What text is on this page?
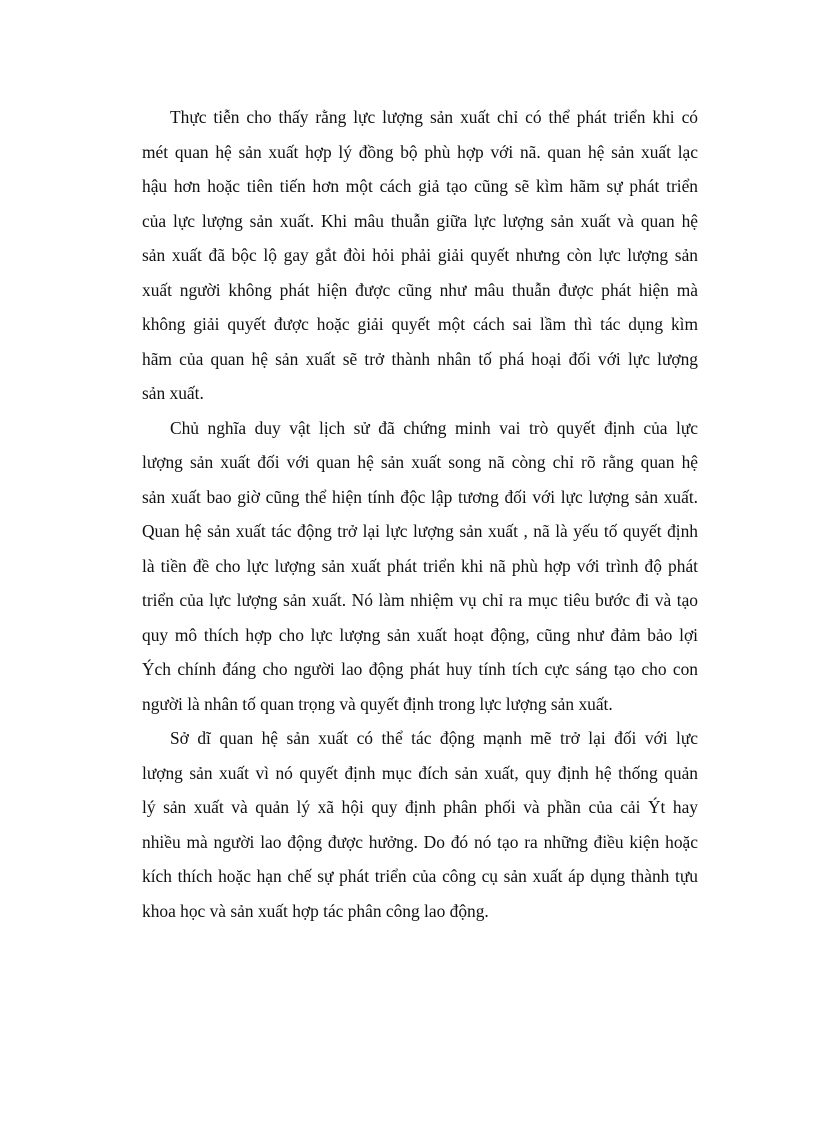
Thực tiễn cho thấy rằng lực lượng sản xuất chỉ có thể phát triển khi có
mét quan hệ sản xuất hợp lý đồng bộ phù hợp với nã. quan hệ sản xuất lạc
hậu hơn hoặc tiên tiến hơn một cách giả tạo cũng sẽ kìm hãm sự phát triển
của lực lượng sản xuất. Khi mâu thuẫn giữa lực lượng sản xuất và quan hệ
sản xuất đã bộc lộ gay gắt đòi hỏi phải giải quyết nhưng còn lực lượng sản
xuất người không phát hiện được cũng như mâu thuẫn được phát hiện mà
không giải quyết được hoặc giải quyết một cách sai lầm thì tác dụng kìm
hãm của quan hệ sản xuất sẽ trở thành nhân tố phá hoại đối với lực lượng
sản xuất.

Chủ nghĩa duy vật lịch sử đã chứng minh vai trò quyết định của lực
lượng sản xuất đối với quan hệ sản xuất song nã còng chỉ rõ rằng quan hệ
sản xuất bao giờ cũng thể hiện tính độc lập tương đối với lực lượng sản xuất.
Quan hệ sản xuất tác động trở lại lực lượng sản xuất , nã là yếu tố quyết định
là tiền đề cho lực lượng sản xuất phát triển khi nã phù hợp với trình độ phát
triển của lực lượng sản xuất. Nó làm nhiệm vụ chỉ ra mục tiêu bước đi và tạo
quy mô thích hợp cho lực lượng sản xuất hoạt động, cũng như đảm bảo lợi
Ých chính đáng cho người lao động phát huy tính tích cực sáng tạo cho con
người là nhân tố quan trọng và quyết định trong lực lượng sản xuất.

Sở dĩ quan hệ sản xuất có thể tác động mạnh mẽ trở lại đối với lực
lượng sản xuất vì nó quyết định mục đích sản xuất, quy định hệ thống quản
lý sản xuất và quản lý xã hội quy định phân phối và phần của cải Ýt hay
nhiều mà người lao động được hưởng. Do đó nó tạo ra những điều kiện hoặc
kích thích hoặc hạn chế sự phát triển của công cụ sản xuất áp dụng thành tựu
khoa học và sản xuất hợp tác phân công lao động.
